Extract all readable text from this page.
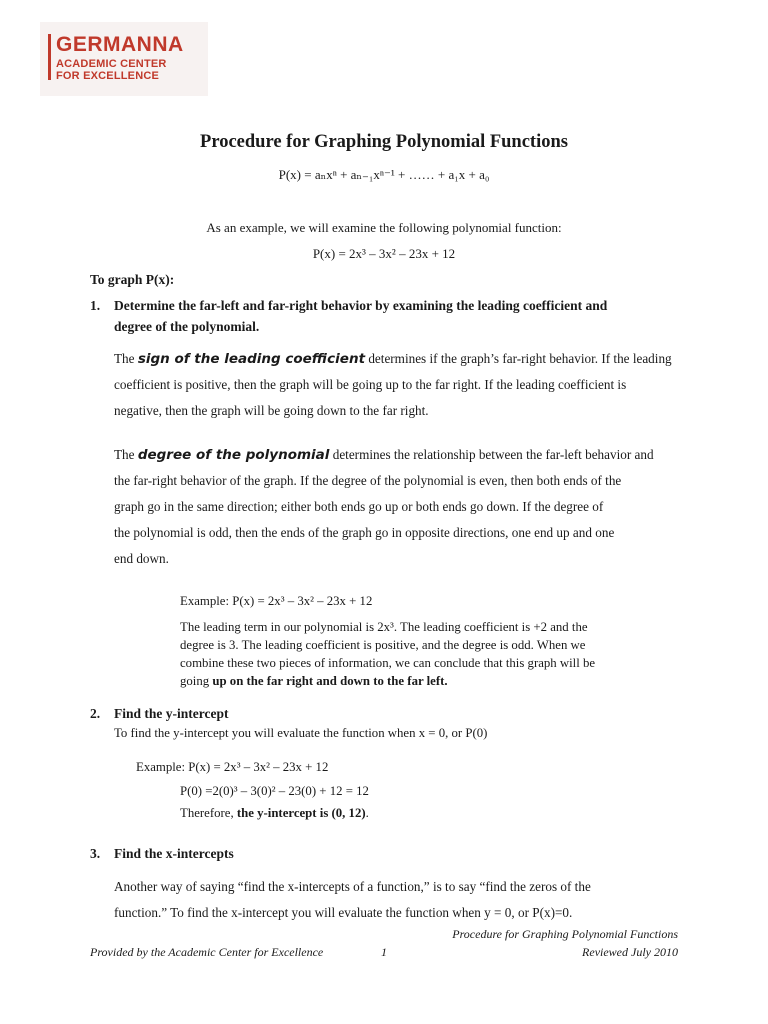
GERMANNA
ACADEMIC CENTER
FOR EXCELLENCE
Procedure for Graphing Polynomial Functions
P(x) = aₙxⁿ + aₙ₋₁xⁿ⁻¹ + …… + a₁x + a₀
As an example, we will examine the following polynomial function:
P(x) = 2x³ – 3x² – 23x + 12
To graph P(x):
1. Determine the far-left and far-right behavior by examining the leading coefficient and
degree of the polynomial.
The sign of the leading coefficient determines if the graph’s far-right behavior. If the leading
coefficient is positive, then the graph will be going up to the far right. If the leading coefficient is
negative, then the graph will be going down to the far right.
The degree of the polynomial determines the relationship between the far-left behavior and
the far-right behavior of the graph. If the degree of the polynomial is even, then both ends of the
graph go in the same direction; either both ends go up or both ends go down. If the degree of
the polynomial is odd, then the ends of the graph go in opposite directions, one end up and one
end down.
Example: P(x) = 2x³ – 3x² – 23x + 12
The leading term in our polynomial is 2x³. The leading coefficient is +2 and the
degree is 3. The leading coefficient is positive, and the degree is odd. When we
combine these two pieces of information, we can conclude that this graph will be
going up on the far right and down to the far left.
2. Find the y-intercept
To find the y-intercept you will evaluate the function when x = 0, or P(0)
Example: P(x) = 2x³ – 3x² – 23x + 12
P(0) =2(0)³ – 3(0)² – 23(0) + 12 = 12
Therefore, the y-intercept is (0, 12).
3. Find the x-intercepts
Another way of saying “find the x-intercepts of a function,” is to say “find the zeros of the
function.” To find the x-intercept you will evaluate the function when y = 0, or P(x)=0.
Procedure for Graphing Polynomial Functions
Provided by the Academic Center for Excellence	1	Reviewed July 2010
